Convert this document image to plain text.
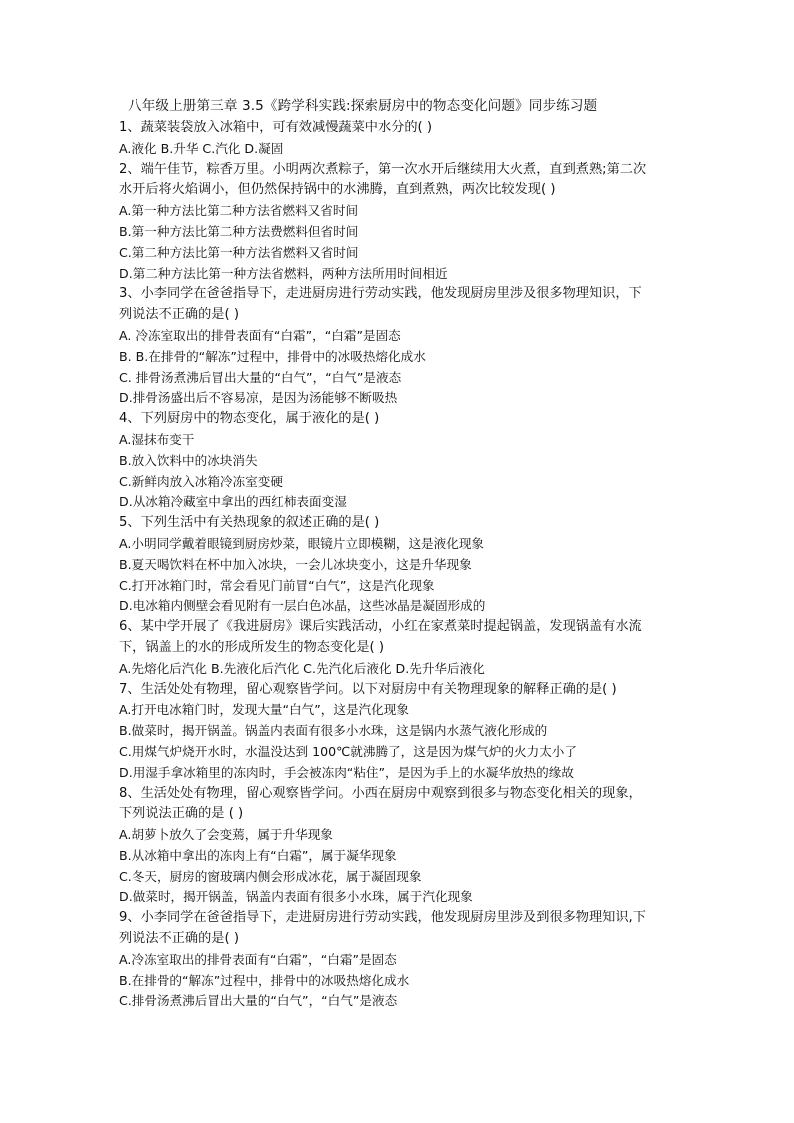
八年级上册第三章 3.5《跨学科实践:探索厨房中的物态变化问题》同步练习题
1、蔬菜装袋放入冰箱中，可有效减慢蔬菜中水分的( )
A.液化 B.升华 C.汽化 D.凝固
2、端午佳节，粽香万里。小明两次煮粽子，第一次水开后继续用大火煮，直到煮熟;第二次
水开后将火焰调小，但仍然保持锅中的水沸腾，直到煮熟，两次比较发现( )
A.第一种方法比第二种方法省燃料又省时间
B.第一种方法比第二种方法费燃料但省时间
C.第二种方法比第一种方法省燃料又省时间
D.第二种方法比第一种方法省燃料，两种方法所用时间相近
3、小李同学在爸爸指导下，走进厨房进行劳动实践，他发现厨房里涉及很多物理知识，下
列说法不正确的是( )
A. 冷冻室取出的排骨表面有“白霜”，“白霜”是固态
B. B.在排骨的“解冻”过程中，排骨中的冰吸热熔化成水
C. 排骨汤煮沸后冒出大量的“白气”，“白气”是液态
D.排骨汤盛出后不容易凉，是因为汤能够不断吸热
4、下列厨房中的物态变化，属于液化的是( )
A.湿抹布变干
B.放入饮料中的冰块消失
C.新鲜肉放入冰箱冷冻室变硬
D.从冰箱冷藏室中拿出的西红柿表面变湿
5、下列生活中有关热现象的叙述正确的是( )
A.小明同学戴着眼镜到厨房炒菜，眼镜片立即模糊，这是液化现象
B.夏天喝饮料在杯中加入冰块，一会儿冰块变小，这是升华现象
C.打开冰箱门时，常会看见门前冒“白气”，这是汽化现象
D.电冰箱内侧壁会看见附有一层白色冰晶，这些冰晶是凝固形成的
6、某中学开展了《我进厨房》课后实践活动，小红在家煮菜时提起锅盖，发现锅盖有水流
下，锅盖上的水的形成所发生的物态变化是( )
A.先熔化后汽化 B.先液化后汽化 C.先汽化后液化 D.先升华后液化
7、生活处处有物理，留心观察皆学问。以下对厨房中有关物理现象的解释正确的是( )
A.打开电冰箱门时，发现大量“白气”，这是汽化现象
B.做菜时，揭开锅盖。锅盖内表面有很多小水珠，这是锅内水蒸气液化形成的
C.用煤气炉烧开水时，水温没达到 100℃就沸腾了，这是因为煤气炉的火力太小了
D.用湿手拿冰箱里的冻肉时，手会被冻肉“粘住”，是因为手上的水凝华放热的缘故
8、生活处处有物理，留心观察皆学问。小西在厨房中观察到很多与物态变化相关的现象，
下列说法正确的是 ( )
A.胡萝卜放久了会变蔫，属于升华现象
B.从冰箱中拿出的冻肉上有“白霜”，属于凝华现象
C.冬天，厨房的窗玻璃内侧会形成冰花，属于凝固现象
D.做菜时，揭开锅盖，锅盖内表面有很多小水珠，属于汽化现象
9、小李同学在爸爸指导下，走进厨房进行劳动实践，他发现厨房里涉及到很多物理知识,下
列说法不正确的是( )
A.冷冻室取出的排骨表面有“白霜”，“白霜”是固态
B.在排骨的“解冻”过程中，排骨中的冰吸热熔化成水
C.排骨汤煮沸后冒出大量的“白气”，“白气”是液态
